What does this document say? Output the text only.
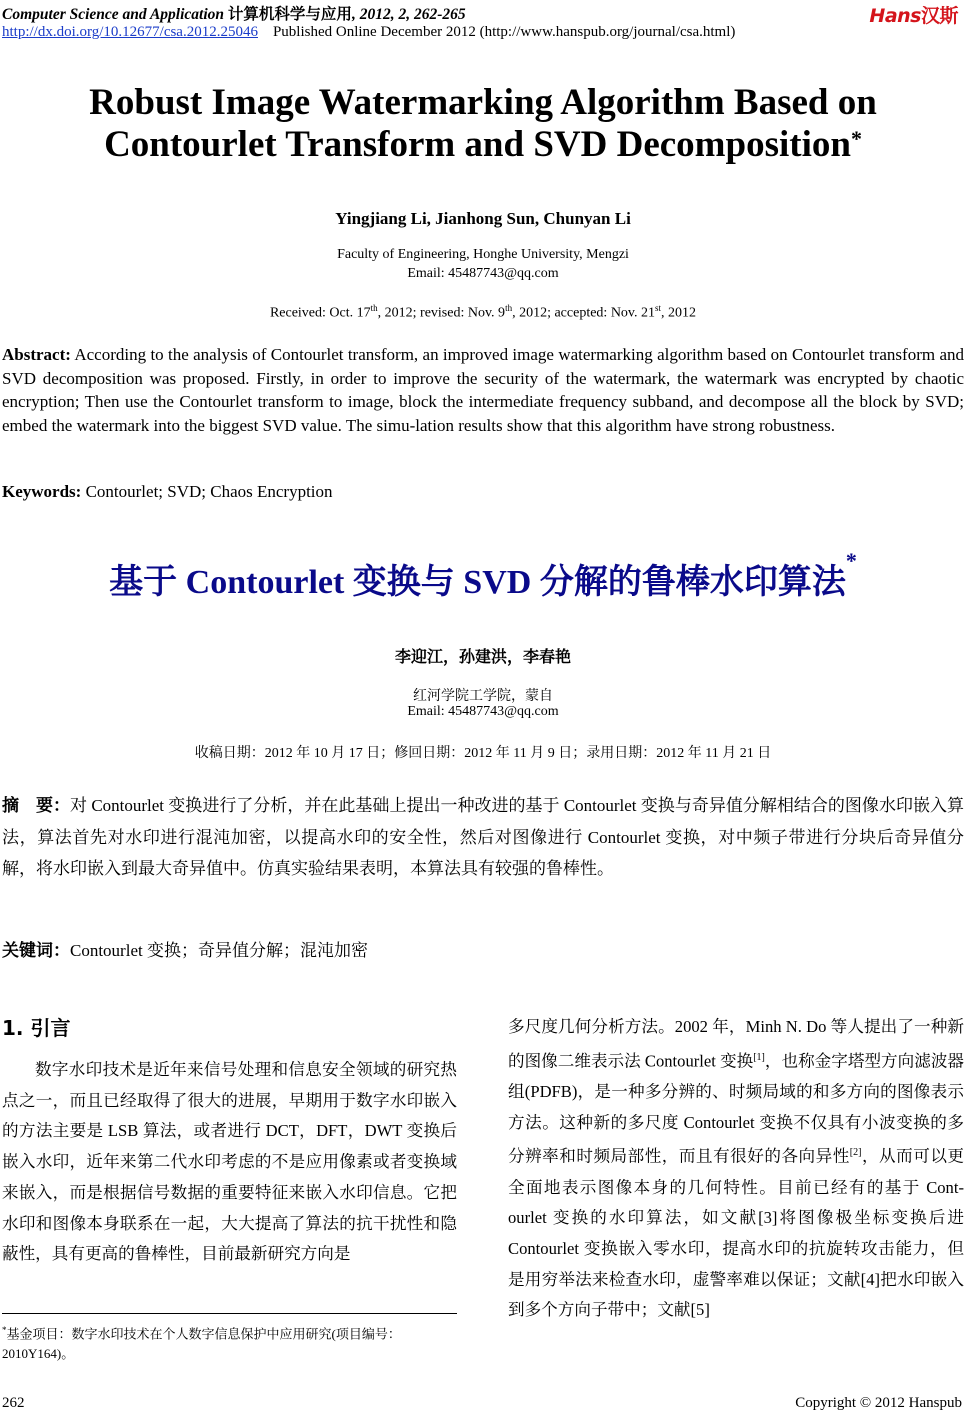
Computer Science and Application 计算机科学与应用, 2012, 2, 262-265
http://dx.doi.org/10.12677/csa.2012.25046 Published Online December 2012 (http://www.hanspub.org/journal/csa.html)
Hans汉斯
Robust Image Watermarking Algorithm Based on Contourlet Transform and SVD Decomposition*
Yingjiang Li, Jianhong Sun, Chunyan Li
Faculty of Engineering, Honghe University, Mengzi
Email: 45487743@qq.com
Received: Oct. 17th, 2012; revised: Nov. 9th, 2012; accepted: Nov. 21st, 2012
Abstract: According to the analysis of Contourlet transform, an improved image watermarking algorithm based on Contourlet transform and SVD decomposition was proposed. Firstly, in order to improve the security of the watermark, the watermark was encrypted by chaotic encryption; Then use the Contourlet transform to image, block the intermediate frequency subband, and decompose all the block by SVD; embed the watermark into the biggest SVD value. The simu-lation results show that this algorithm have strong robustness.
Keywords: Contourlet; SVD; Chaos Encryption
基于 Contourlet 变换与 SVD 分解的鲁棒水印算法*
李迎江，孙建洪，李春艳
红河学院工学院，蒙自
Email: 45487743@qq.com
收稿日期：2012 年 10 月 17 日；修回日期：2012 年 11 月 9 日；录用日期：2012 年 11 月 21 日
摘　要：对 Contourlet 变换进行了分析，并在此基础上提出一种改进的基于 Contourlet 变换与奇异值分解相结合的图像水印嵌入算法，算法首先对水印进行混沌加密，以提高水印的安全性，然后对图像进行 Contourlet 变换，对中频子带进行分块后奇异值分解，将水印嵌入到最大奇异值中。仿真实验结果表明，本算法具有较强的鲁棒性。
关键词：Contourlet 变换；奇异值分解；混沌加密
1. 引言
数字水印技术是近年来信号处理和信息安全领域的研究热点之一，而且已经取得了很大的进展，早期用于数字水印嵌入的方法主要是 LSB 算法，或者进行 DCT，DFT，DWT 变换后嵌入水印，近年来第二代水印考虑的不是应用像素或者变换域来嵌入，而是根据信号数据的重要特征来嵌入水印信息。它把水印和图像本身联系在一起，大大提高了算法的抗干扰性和隐蔽性，具有更高的鲁棒性，目前最新研究方向是
多尺度几何分析方法。2002 年，Minh N. Do 等人提出了一种新的图像二维表示法 Contourlet 变换[1]，也称金字塔型方向滤波器组(PDFB)，是一种多分辨的、时频局域的和多方向的图像表示方法。这种新的多尺度 Contourlet 变换不仅具有小波变换的多分辨率和时频局部性，而且有很好的各向异性[2]，从而可以更全面地表示图像本身的几何特性。目前已经有的基于 Cont-ourlet 变换的水印算法，如文献[3]将图像极坐标变换后进 Contourlet 变换嵌入零水印，提高水印的抗旋转攻击能力，但是用穷举法来检查水印，虚警率难以保证；文献[4]把水印嵌入到多个方向子带中；文献[5]
*基金项目：数字水印技术在个人数字信息保护中应用研究(项目编号：2010Y164)。
262	Copyright © 2012 Hanspub
